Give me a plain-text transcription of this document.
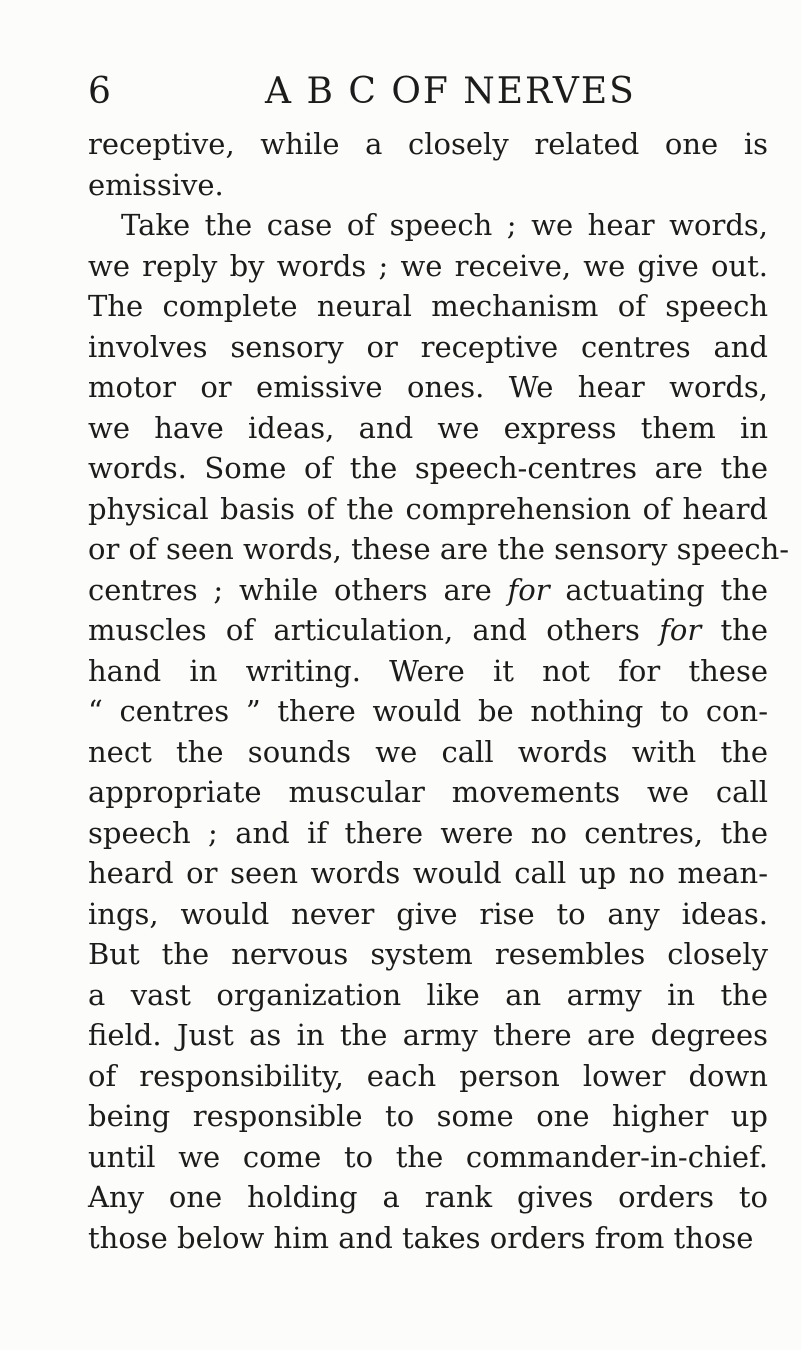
6	A B C OF NERVES
receptive, while a closely related one is
emissive.
Take the case of speech ; we hear words,
we reply by words ; we receive, we give out.
The complete neural mechanism of speech
involves sensory or receptive centres and
motor or emissive ones. We hear words,
we have ideas, and we express them in
words. Some of the speech-centres are the
physical basis of the comprehension of heard
or of seen words, these are the sensory speech-
centres ; while others are for actuating the
muscles of articulation, and others for the
hand in writing. Were it not for these
“ centres ” there would be nothing to con-
nect the sounds we call words with the
appropriate muscular movements we call
speech ; and if there were no centres, the
heard or seen words would call up no mean-
ings, would never give rise to any ideas.
But the nervous system resembles closely
a vast organization like an army in the
field. Just as in the army there are degrees
of responsibility, each person lower down
being responsible to some one higher up
until we come to the commander-in-chief.
Any one holding a rank gives orders to
those below him and takes orders from those
